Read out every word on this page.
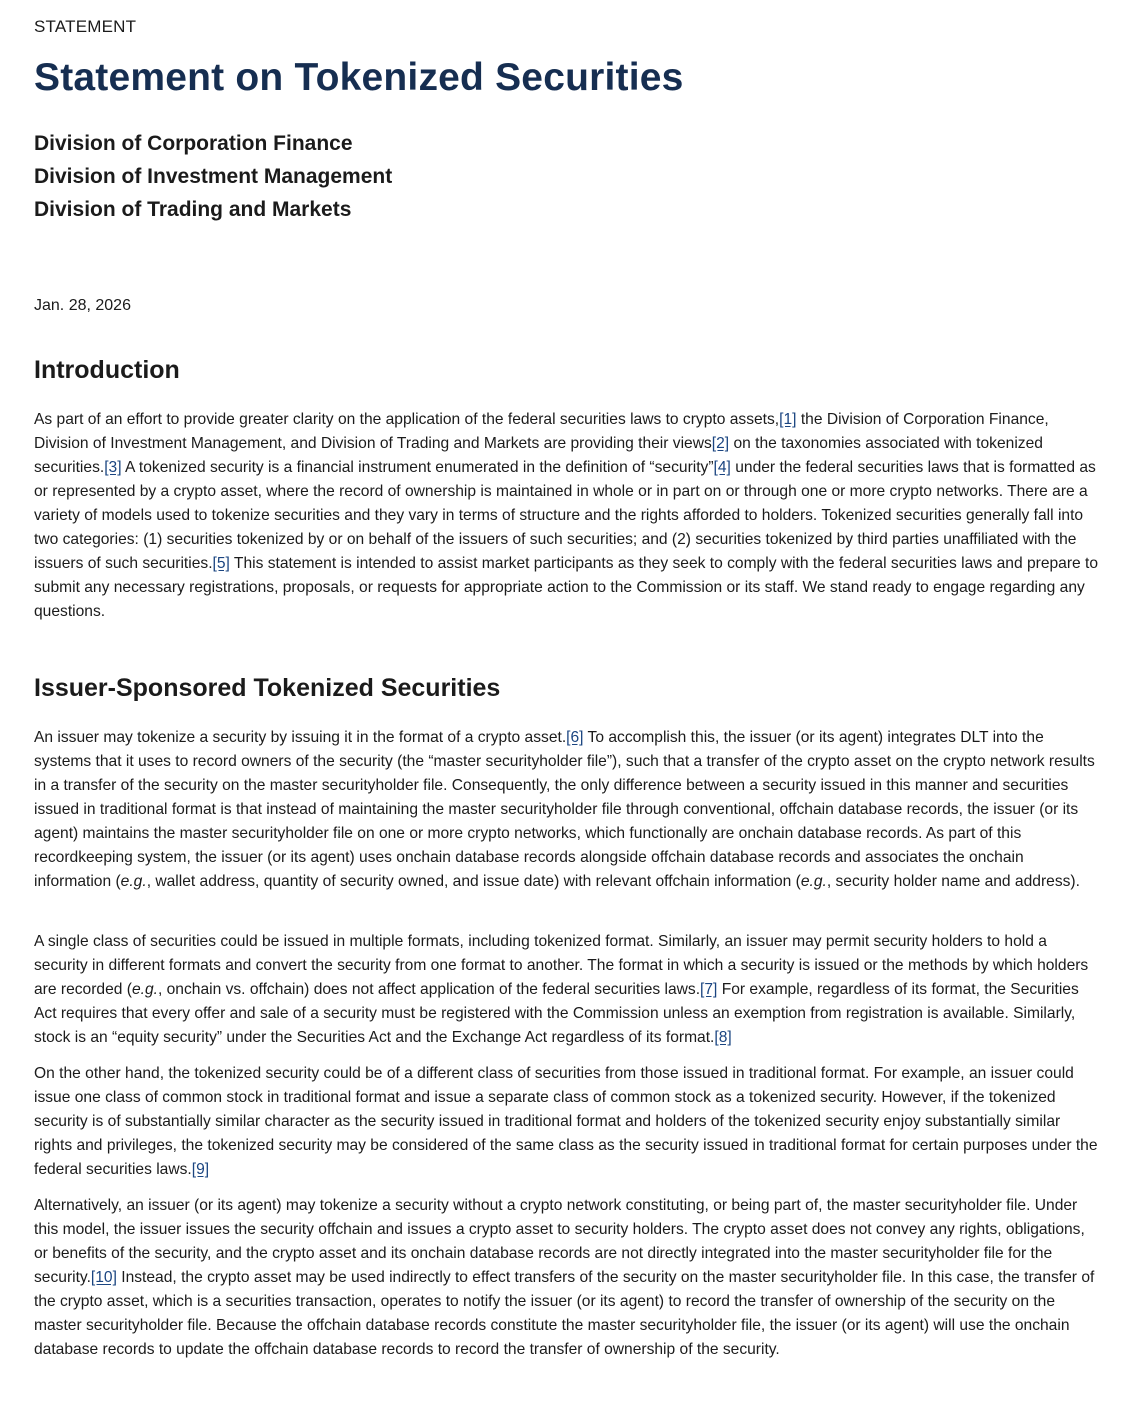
STATEMENT
Statement on Tokenized Securities
Division of Corporation Finance
Division of Investment Management
Division of Trading and Markets
Jan. 28, 2026
Introduction

As part of an effort to provide greater clarity on the application of the federal securities laws to crypto assets,[1] the Division of Corporation Finance, Division of Investment Management, and Division of Trading and Markets are providing their views[2] on the taxonomies associated with tokenized securities.[3] A tokenized security is a financial instrument enumerated in the definition of “security”[4] under the federal securities laws that is formatted as or represented by a crypto asset, where the record of ownership is maintained in whole or in part on or through one or more crypto networks. There are a variety of models used to tokenize securities and they vary in terms of structure and the rights afforded to holders. Tokenized securities generally fall into two categories: (1) securities tokenized by or on behalf of the issuers of such securities; and (2) securities tokenized by third parties unaffiliated with the issuers of such securities.[5] This statement is intended to assist market participants as they seek to comply with the federal securities laws and prepare to submit any necessary registrations, proposals, or requests for appropriate action to the Commission or its staff. We stand ready to engage regarding any questions.

Issuer-Sponsored Tokenized Securities

An issuer may tokenize a security by issuing it in the format of a crypto asset.[6] To accomplish this, the issuer (or its agent) integrates DLT into the systems that it uses to record owners of the security (the “master securityholder file”), such that a transfer of the crypto asset on the crypto network results in a transfer of the security on the master securityholder file. Consequently, the only difference between a security issued in this manner and securities issued in traditional format is that instead of maintaining the master securityholder file through conventional, offchain database records, the issuer (or its agent) maintains the master securityholder file on one or more crypto networks, which functionally are onchain database records. As part of this recordkeeping system, the issuer (or its agent) uses onchain database records alongside offchain database records and associates the onchain information (e.g., wallet address, quantity of security owned, and issue date) with relevant offchain information (e.g., security holder name and address).

A single class of securities could be issued in multiple formats, including tokenized format. Similarly, an issuer may permit security holders to hold a security in different formats and convert the security from one format to another. The format in which a security is issued or the methods by which holders are recorded (e.g., onchain vs. offchain) does not affect application of the federal securities laws.[7] For example, regardless of its format, the Securities Act requires that every offer and sale of a security must be registered with the Commission unless an exemption from registration is available. Similarly, stock is an “equity security” under the Securities Act and the Exchange Act regardless of its format.[8]

On the other hand, the tokenized security could be of a different class of securities from those issued in traditional format. For example, an issuer could issue one class of common stock in traditional format and issue a separate class of common stock as a tokenized security. However, if the tokenized security is of substantially similar character as the security issued in traditional format and holders of the tokenized security enjoy substantially similar rights and privileges, the tokenized security may be considered of the same class as the security issued in traditional format for certain purposes under the federal securities laws.[9]

Alternatively, an issuer (or its agent) may tokenize a security without a crypto network constituting, or being part of, the master securityholder file. Under this model, the issuer issues the security offchain and issues a crypto asset to security holders. The crypto asset does not convey any rights, obligations, or benefits of the security, and the crypto asset and its onchain database records are not directly integrated into the master securityholder file for the security.[10] Instead, the crypto asset may be used indirectly to effect transfers of the security on the master securityholder file. In this case, the transfer of the crypto asset, which is a securities transaction, operates to notify the issuer (or its agent) to record the transfer of ownership of the security on the master securityholder file. Because the offchain database records constitute the master securityholder file, the issuer (or its agent) will use the onchain database records to update the offchain database records to record the transfer of ownership of the security.
